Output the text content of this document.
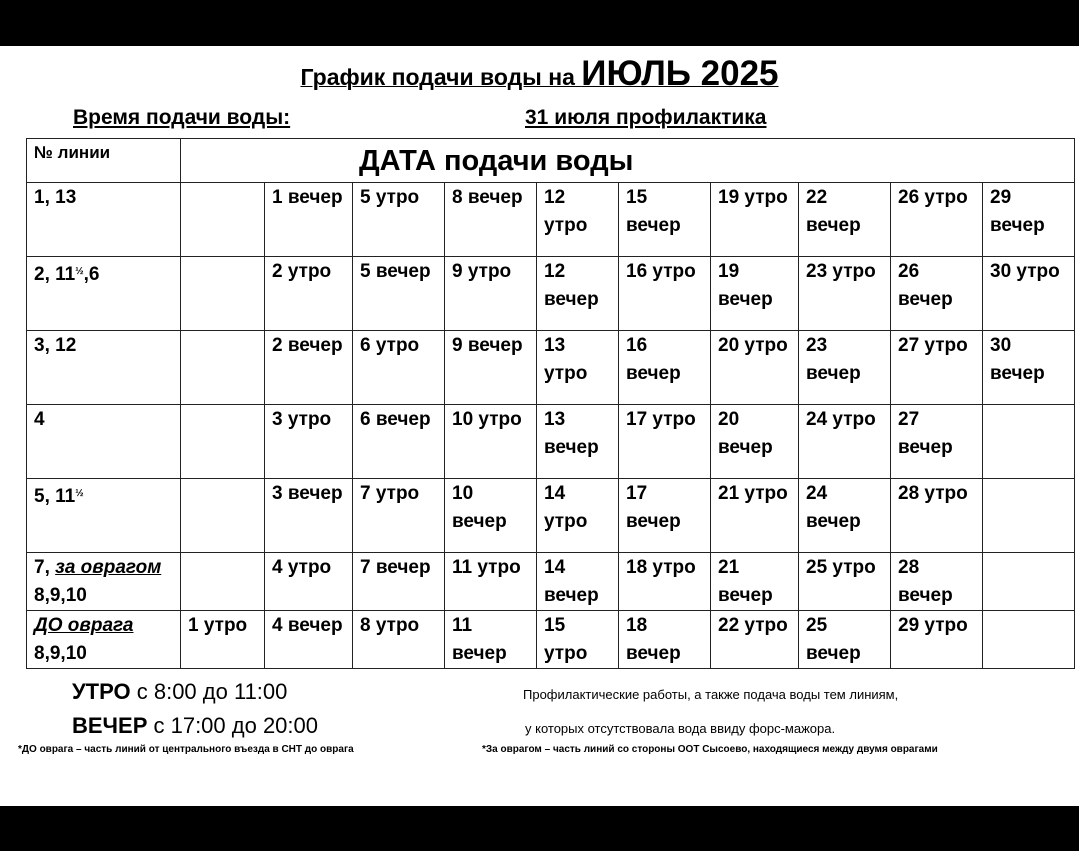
График подачи воды на ИЮЛЬ 2025
Время подачи воды:	31 июля профилактика
№ линии	ДАТА подачи воды									
1, 13		1 вечер	5 утро	8 вечер	12 утро	15 вечер	19 утро	22 вечер	26 утро	29 вечер
2, $11^{\frac{1}{2}},6$		2 утро	5 вечер	9 утро	12 вечер	16 утро	19 вечер	23 утро	26 вечер	30 утро
3, 12		2 вечер	6 утро	9 вечер	13 утро	16 вечер	20 утро	23 вечер	27 утро	30 вечер
4		3 утро	6 вечер	10 утро	13 вечер	17 утро	20 вечер	24 утро	27 вечер	
5, $11^{\frac{1}{2}}$		3 вечер	7 утро	10 вечер	14 утро	17 вечер	21 утро	24 вечер	28 утро	
7, за оврагом
8,9,10		4 утро	7 вечер	11 утро	14 вечер	18 утро	21 вечер	25 утро	28 вечер	
ДО оврага
8,9,10	1 утро	4 вечер	8 утро	11 вечер	15 утро	18 вечер	22 утро	25 вечер	29 утро	
УТРО с 8:00 до 11:00
ВЕЧЕР с 17:00 до 20:00
Профилактические работы, а также подача воды тем линиям,
у которых отсутствовала вода ввиду форс-мажора.
*ДО оврага – часть линий от центрального въезда в СНТ до оврага	*За оврагом – часть линий со стороны ООТ Сысоево, находящиеся между двумя оврагами
